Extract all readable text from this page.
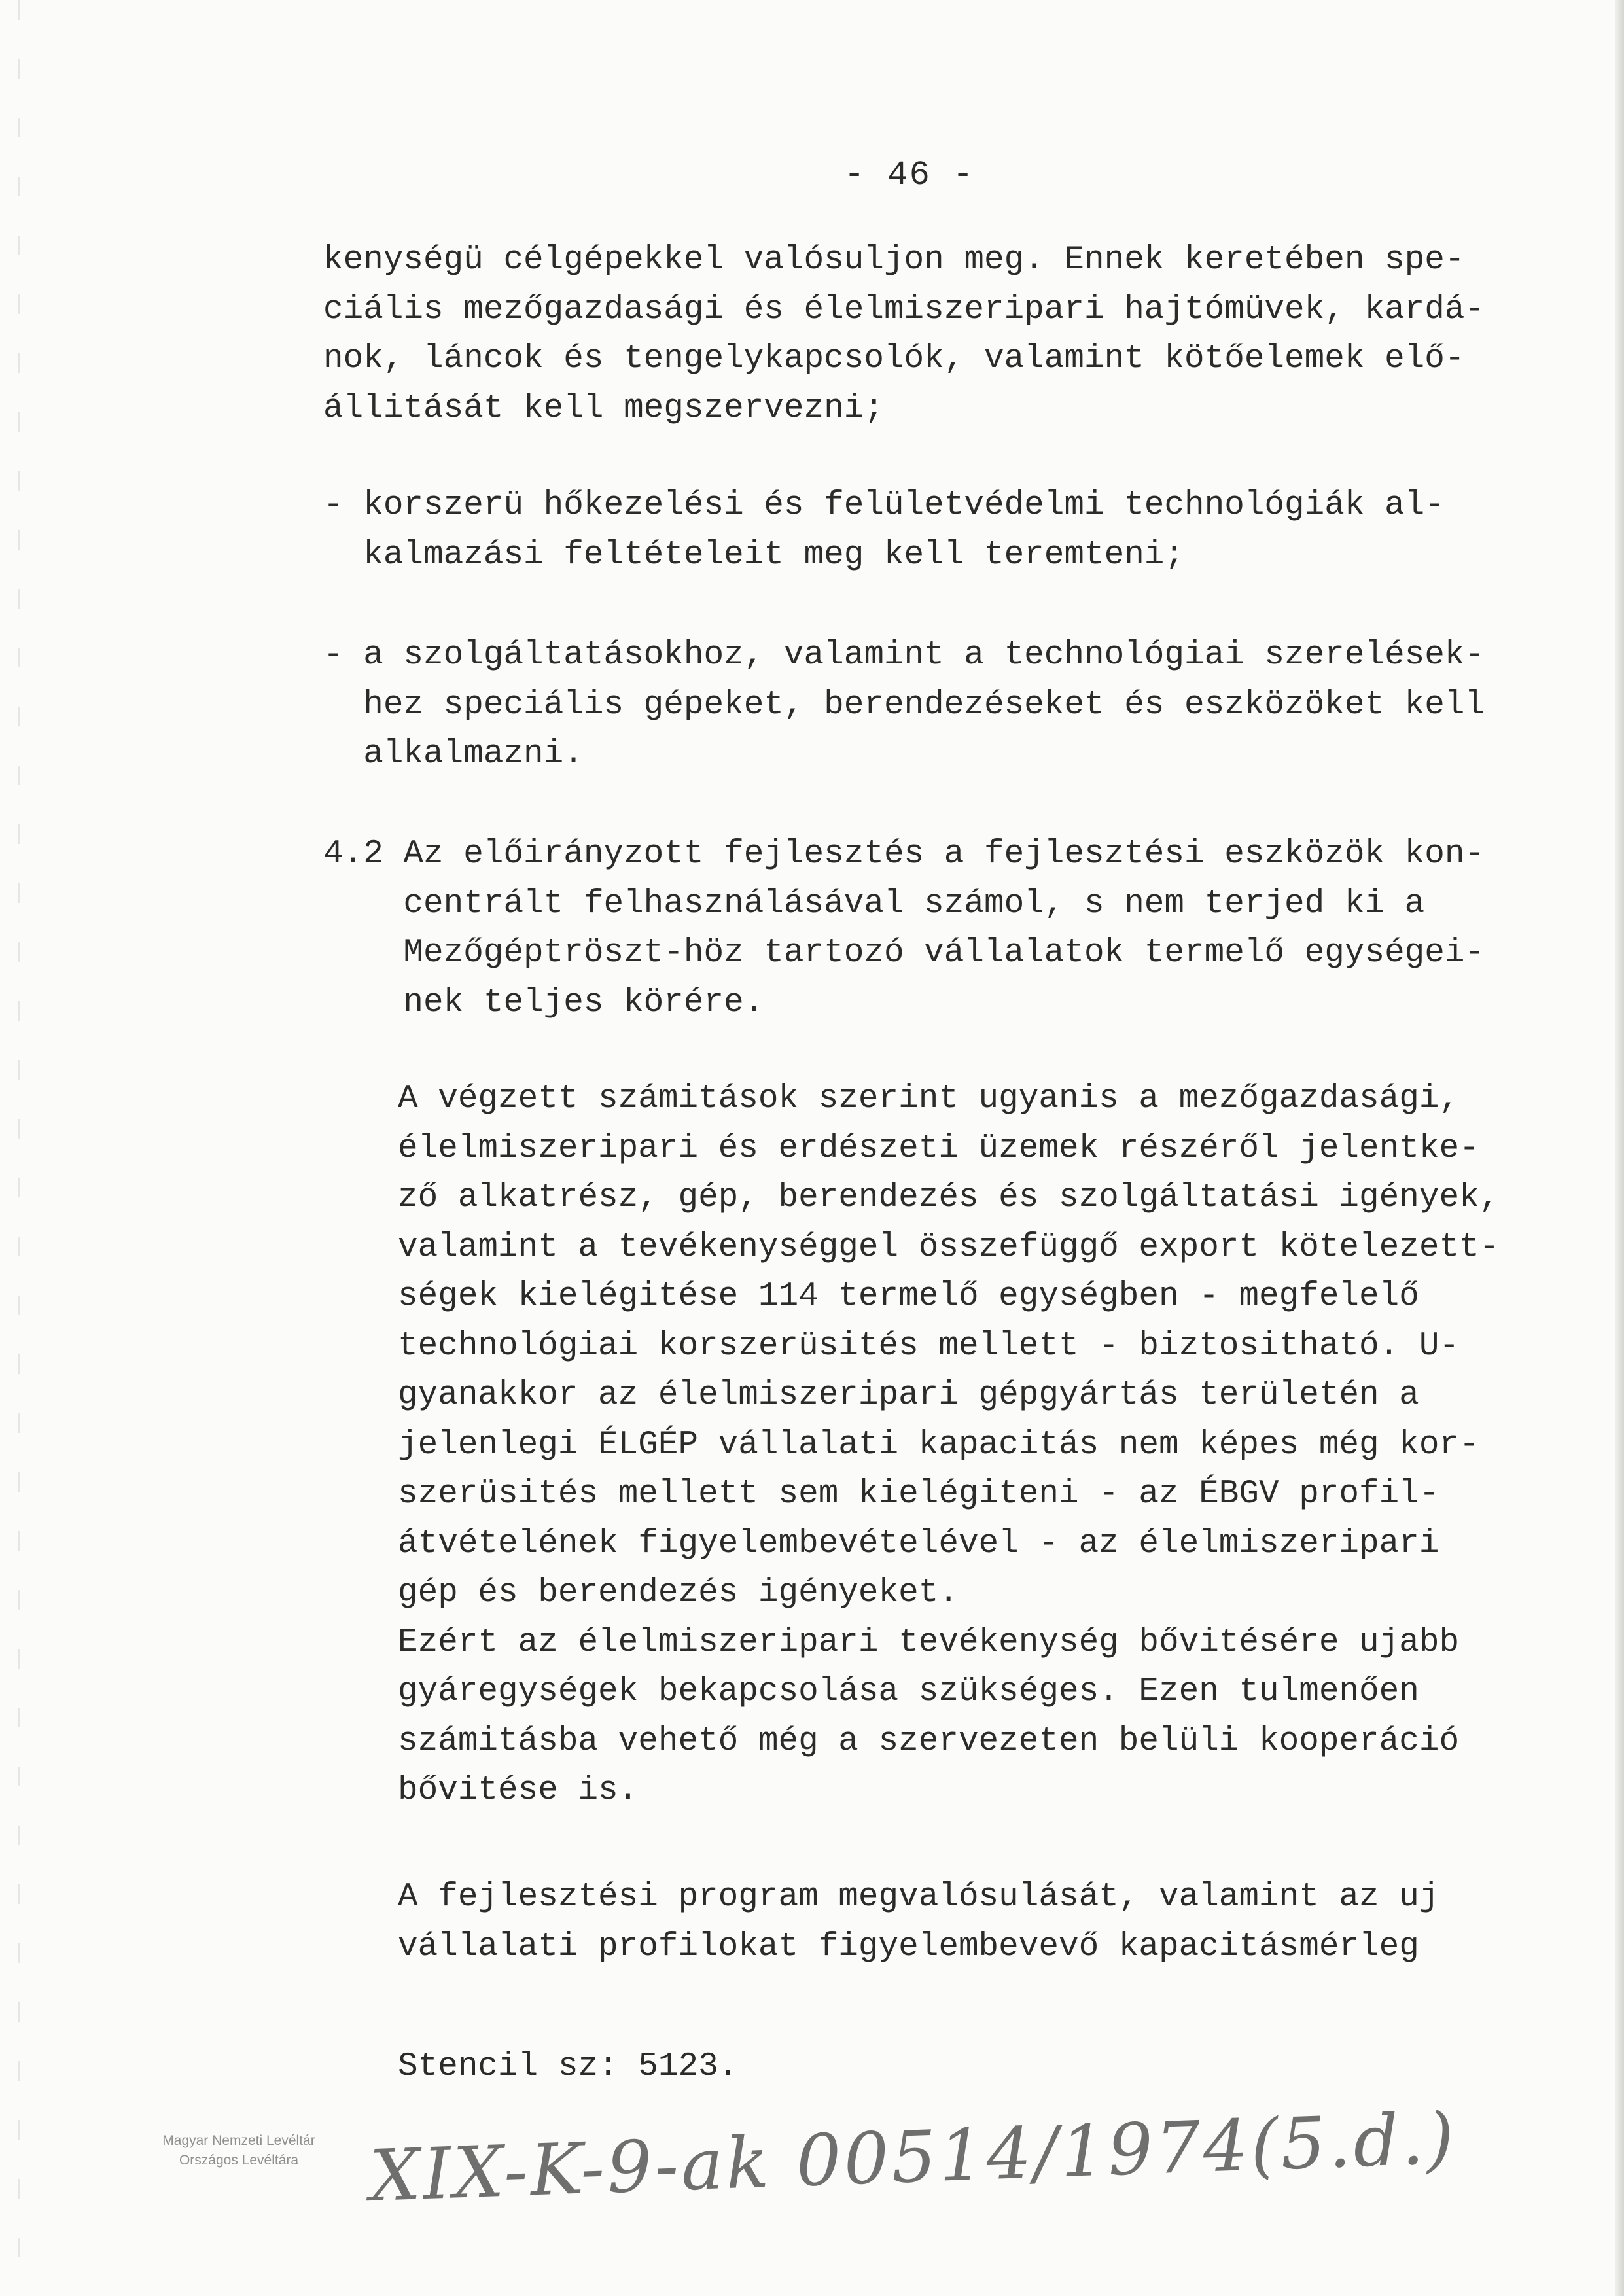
- 46 -

kenységü célgépekkel valósuljon meg. Ennek keretében spe-
ciális mezőgazdasági és élelmiszeripari hajtómüvek, kardá-
nok, láncok és tengelykapcsolók, valamint kötőelemek elő-
állitását kell megszervezni;

- korszerü hőkezelési és felületvédelmi technológiák al-
kalmazási feltételeit meg kell teremteni;

- a szolgáltatásokhoz, valamint a technológiai szerelések-
hez speciális gépeket, berendezéseket és eszközöket kell
alkalmazni.

4.2 Az előirányzott fejlesztés a fejlesztési eszközök kon-
centrált felhasználásával számol, s nem terjed ki a
Mezőgéptröszt-höz tartozó vállalatok termelő egységei-
nek teljes körére.

A végzett számitások szerint ugyanis a mezőgazdasági,
élelmiszeripari és erdészeti üzemek részéről jelentke-
ző alkatrész, gép, berendezés és szolgáltatási igények,
valamint a tevékenységgel összefüggő export kötelezett-
ségek kielégitése 114 termelő egységben - megfelelő
technológiai korszerüsités mellett - biztositható. U-
gyanakkor az élelmiszeripari gépgyártás területén a
jelenlegi ÉLGÉP vállalati kapacitás nem képes még kor-
szerüsités mellett sem kielégiteni - az ÉBGV profil-
átvételének figyelembevételével - az élelmiszeripari
gép és berendezés igényeket.
Ezért az élelmiszeripari tevékenység bővitésére ujabb
gyáregységek bekapcsolása szükséges. Ezen tulmenően
számitásba vehető még a szervezeten belüli kooperáció
bővitése is.

A fejlesztési program megvalósulását, valamint az uj
vállalati profilokat figyelembevevő kapacitásmérleg

Stencil sz: 5123.
Magyar Nemzeti Levéltár
Országos Levéltára XIX-K-9-ak 00514/1974(5.d.)
